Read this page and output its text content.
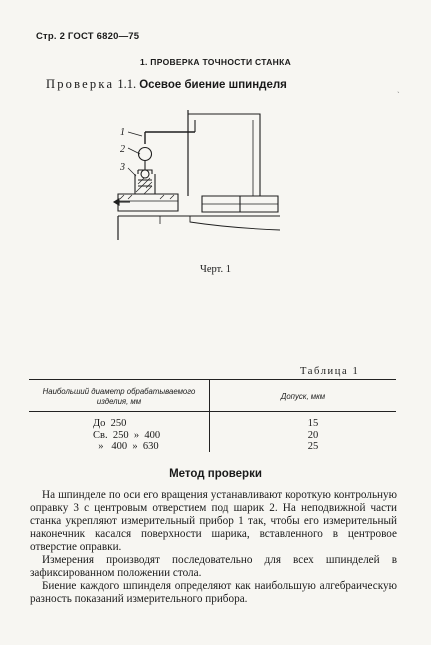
Стр. 2 ГОСТ 6820—75
1. ПРОВЕРКА ТОЧНОСТИ СТАНКА
Проверка 1.1. Осевое биение шпинделя	ˏ
1
2
3
Черт. 1
Таблица 1
Наибольший диаметр обрабатываемого изделия, мм
Допуск, мкм
До  250
Св.  250  »  400
»   400  »  630
15
20
25
Метод проверки

На шпинделе по оси его вращения устанавливают короткую контрольную оправку 3 с центровым отверстием под шарик 2. На неподвижной части станка укрепляют измерительный прибор 1 так, чтобы его измерительный наконечник касался поверхности шарика, вставленного в центровое отверстие оправки.

Измерения производят последовательно для всех шпинделей в зафиксированном положении стола.

Биение каждого шпинделя определяют как наибольшую алгебраическую разность показаний измерительного прибора.
